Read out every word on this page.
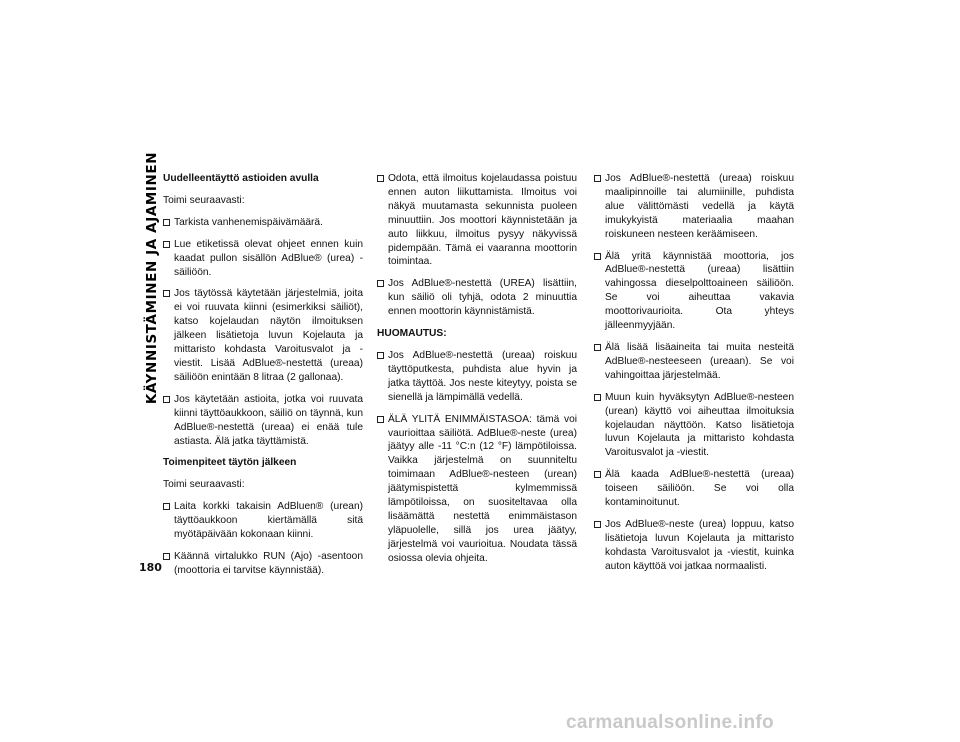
KÄYNNISTÄMINEN JA AJAMINEN
180
Uudelleentäyttö astioiden avulla
Toimi seuraavasti:
Tarkista vanhenemispäivämäärä.
Lue etiketissä olevat ohjeet ennen kuin kaadat pullon sisällön AdBlue® (urea) -säiliöön.
Jos täytössä käytetään järjestelmiä, joita ei voi ruuvata kiinni (esimerkiksi säiliöt), katso kojelaudan näytön ilmoituksen jälkeen lisätietoja luvun Kojelauta ja mittaristo kohdasta Varoitusvalot ja -viestit. Lisää AdBlue®-nestettä (ureaa) säiliöön enintään 8 litraa (2 gallonaa).
Jos käytetään astioita, jotka voi ruuvata kiinni täyttöaukkoon, säiliö on täynnä, kun AdBlue®-nestettä (ureaa) ei enää tule astiasta. Älä jatka täyttämistä.
Toimenpiteet täytön jälkeen
Toimi seuraavasti:
Laita korkki takaisin AdBluen® (urean) täyttöaukkoon kiertämällä sitä myötäpäivään kokonaan kiinni.
Käännä virtalukko RUN (Ajo) -asentoon (moottoria ei tarvitse käynnistää).
Odota, että ilmoitus kojelaudassa poistuu ennen auton liikuttamista. Ilmoitus voi näkyä muutamasta sekunnista puoleen minuuttiin. Jos moottori käynnistetään ja auto liikkuu, ilmoitus pysyy näkyvissä pidempään. Tämä ei vaaranna moottorin toimintaa.
Jos AdBlue®-nestettä (UREA) lisättiin, kun säiliö oli tyhjä, odota 2 minuuttia ennen moottorin käynnistämistä.
HUOMAUTUS:
Jos AdBlue®-nestettä (ureaa) roiskuu täyttöputkesta, puhdista alue hyvin ja jatka täyttöä. Jos neste kiteytyy, poista se sienellä ja lämpimällä vedellä.
ÄLÄ YLITÄ ENIMMÄISTASOA: tämä voi vaurioittaa säiliötä. AdBlue®-neste (urea) jäätyy alle -11 °C:n (12 °F) lämpötiloissa. Vaikka järjestelmä on suunniteltu toimimaan AdBlue®-nesteen (urean) jäätymispistettä kylmemmissä lämpötiloissa, on suositeltavaa olla lisäämättä nestettä enimmäistason yläpuolelle, sillä jos urea jäätyy, järjestelmä voi vaurioitua. Noudata tässä osiossa olevia ohjeita.
Jos AdBlue®-nestettä (ureaa) roiskuu maalipinnoille tai alumiinille, puhdista alue välittömästi vedellä ja käytä imukykyistä materiaalia maahan roiskuneen nesteen keräämiseen.
Älä yritä käynnistää moottoria, jos AdBlue®-nestettä (ureaa) lisättiin vahingossa dieselpolttoaineen säiliöön. Se voi aiheuttaa vakavia moottorivaurioita. Ota yhteys jälleenmyyjään.
Älä lisää lisäaineita tai muita nesteitä AdBlue®-nesteeseen (ureaan). Se voi vahingoittaa järjestelmää.
Muun kuin hyväksytyn AdBlue®-nesteen (urean) käyttö voi aiheuttaa ilmoituksia kojelaudan näyttöön. Katso lisätietoja luvun Kojelauta ja mittaristo kohdasta Varoitusvalot ja -viestit.
Älä kaada AdBlue®-nestettä (ureaa) toiseen säiliöön. Se voi olla kontaminoitunut.
Jos AdBlue®-neste (urea) loppuu, katso lisätietoja luvun Kojelauta ja mittaristo kohdasta Varoitusvalot ja -viestit, kuinka auton käyttöä voi jatkaa normaalisti.
carmanualsonline.info
